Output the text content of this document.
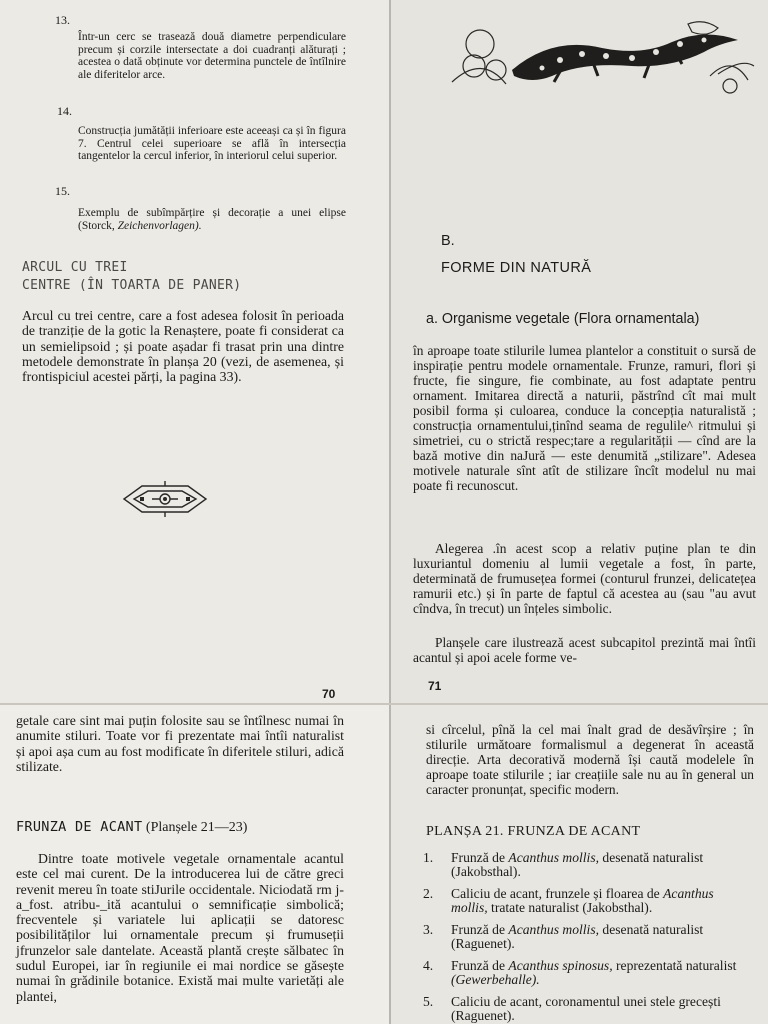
13.
Într-un cerc se trasează două diametre perpendiculare precum și corzile intersectate a doi cuadranți alăturați ; acestea o dată obținute vor determina punctele de întîlnire ale diferitelor arce.
14.
Construcția jumătății inferioare este aceeași ca și în figura 7. Centrul celei superioare se află în intersecția tangentelor la cercul inferior, în interiorul celui superior.
15.
Exemplu de subîmpărțire și decorație a unei elipse (Storck, Zeichenvorlagen).
ARCUL CU TREI
CENTRE (ÎN TOARTA DE PANER)
Arcul cu trei centre, care a fost adesea folosit în perioada de tranziție de la gotic la Renaștere, poate fi considerat ca un semielipsoid ; și poate așadar fi trasat prin una dintre metodele demonstrate în planșa 20 (vezi, de asemenea, și frontispiciul acestei părți, la pagina 33).
70
B.
FORME DIN NATURĂ
a. Organisme vegetale (Flora ornamentala)
în aproape toate stilurile lumea plantelor a constituit o sursă de inspirație pentru modele ornamentale. Frunze, ramuri, flori și fructe, fie singure, fie combinate, au fost adaptate pentru ornament. Imitarea directă a naturii, păstrînd cît mai mult posibil forma și culoarea, conduce la concepția naturalistă ; construcția ornamentului,ținînd seama de regulile^ ritmului și simetriei, cu o strictă respec;tare a regularității — cînd are la bază motive din naJură — este denumită „stilizare". Adesea motivele naturale sînt atît de stilizare încît modelul nu mai poate fi recunoscut.
Alegerea .în acest scop a relativ puține plan te din luxuriantul domeniu al lumii vegetale a fost, în parte, determinată de frumusețea formei (conturul frunzei, delicatețea ramurii etc.) și în parte de faptul că acestea au (sau "au avut cîndva, în trecut) un înțeles simbolic.
Planșele care ilustrează acest subcapitol prezintă mai întîi acantul și apoi acele forme ve-
71
getale care sint mai puțin folosite sau se întîlnesc numai în anumite stiluri. Toate vor fi prezentate mai întîi naturalist și apoi așa cum au fost modificate în diferitele stiluri, adică stilizate.
FRUNZA DE ACANT (Planșele 21—23)
Dintre toate motivele vegetale ornamentale acantul este cel mai curent. De la introducerea lui de către greci revenit mereu în toate stiJurile occidentale. Niciodată rm j-a_fost. atribu-_ită acantului o semnificație simbolică; frecventele și variatele lui aplicații se datoresc posibilităților lui ornamentale precum și frumuseții jfrunzelor sale dantelate. Această plantă crește sălbatec în sudul Europei, iar în regiunile ei mai nordice se găsește numai în grădinile botanice. Există mai multe varietăți ale plantei,
si cîrcelul, pînă la cel mai înalt grad de desăvîrșire ; în stilurile următoare formalismul a degenerat în această direcție. Arta decorativă modernă își caută modelele în aproape toate stilurile ; iar creațiile sale nu au în general un caracter pronunțat, specific modern.
PLANȘA 21. FRUNZA DE ACANT
1. Frunză de Acanthus mollis, desenată naturalist (Jakobsthal).
2. Caliciu de acant, frunzele și floarea de Acanthus mollis, tratate naturalist (Jakobsthal).
3. Frunză de Acanthus mollis, desenată naturalist (Raguenet).
4. Frunză de Acanthus spinosus, reprezentată naturalist (Gewerbehalle).
5. Caliciu de acant, coronamentul unei stele grecești (Raguenet).
